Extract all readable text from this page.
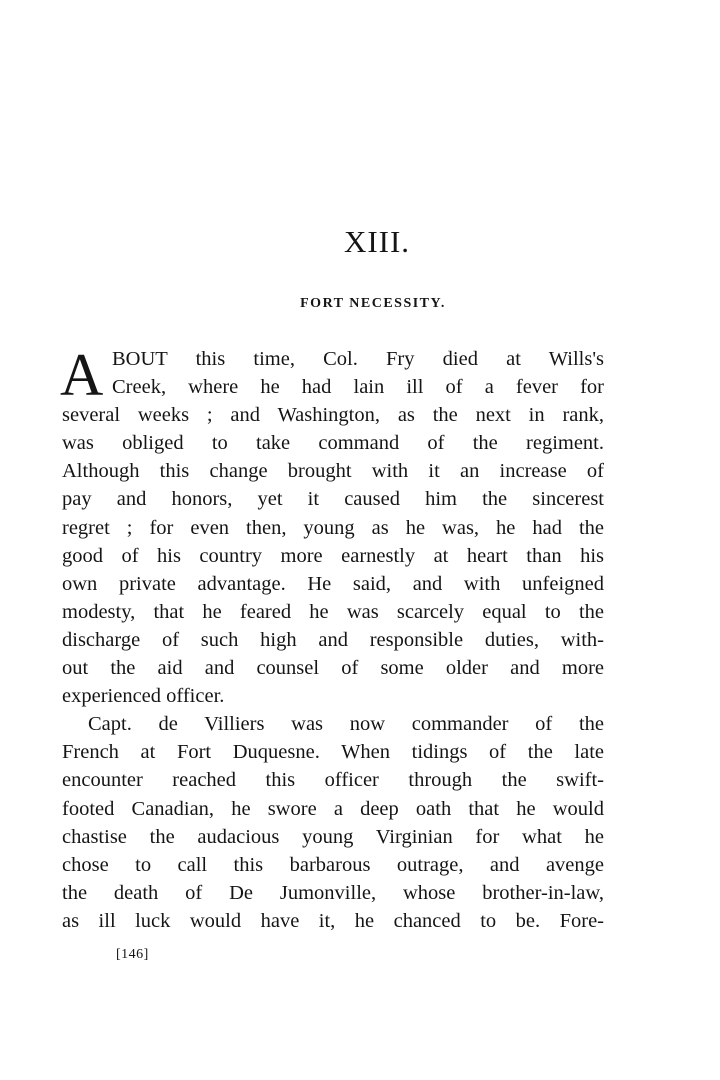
XIII.
FORT NECESSITY.
A BOUT this time, Col. Fry died at Wills's
Creek, where he had lain ill of a fever for
several weeks ; and Washington, as the next in rank,
was obliged to take command of the regiment.
Although this change brought with it an increase of
pay and honors, yet it caused him the sincerest
regret ; for even then, young as he was, he had the
good of his country more earnestly at heart than his
own private advantage. He said, and with unfeigned
modesty, that he feared he was scarcely equal to the
discharge of such high and responsible duties, with-
out the aid and counsel of some older and more
experienced officer.
Capt. de Villiers was now commander of the
French at Fort Duquesne. When tidings of the late
encounter reached this officer through the swift-
footed Canadian, he swore a deep oath that he would
chastise the audacious young Virginian for what he
chose to call this barbarous outrage, and avenge
the death of De Jumonville, whose brother-in-law,
as ill luck would have it, he chanced to be. Fore-
[146]
